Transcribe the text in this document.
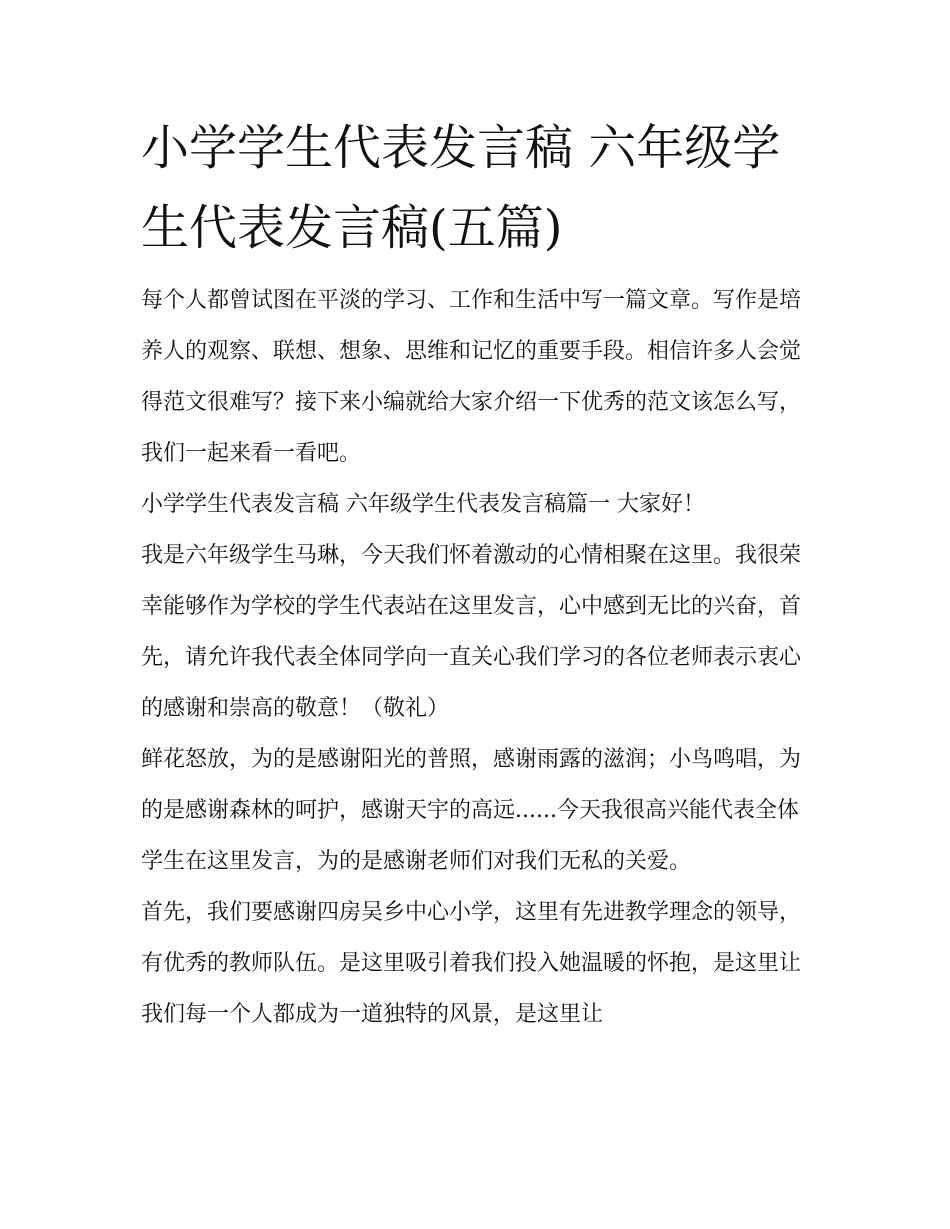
小学学生代表发言稿 六年级学生代表发言稿(五篇)

每个人都曾试图在平淡的学习、工作和生活中写一篇文章。写作是培养人的观察、联想、想象、思维和记忆的重要手段。相信许多人会觉得范文很难写？接下来小编就给大家介绍一下优秀的范文该怎么写，我们一起来看一看吧。

小学学生代表发言稿 六年级学生代表发言稿篇一 大家好！

我是六年级学生马琳，今天我们怀着激动的心情相聚在这里。我很荣幸能够作为学校的学生代表站在这里发言，心中感到无比的兴奋，首先，请允许我代表全体同学向一直关心我们学习的各位老师表示衷心的感谢和崇高的敬意！（敬礼）

鲜花怒放，为的是感谢阳光的普照，感谢雨露的滋润；小鸟鸣唱，为的是感谢森林的呵护，感谢天宇的高远......今天我很高兴能代表全体学生在这里发言，为的是感谢老师们对我们无私的关爱。

首先，我们要感谢四房吴乡中心小学，这里有先进教学理念的领导，有优秀的教师队伍。是这里吸引着我们投入她温暖的怀抱，是这里让我们每一个人都成为一道独特的风景，是这里让
